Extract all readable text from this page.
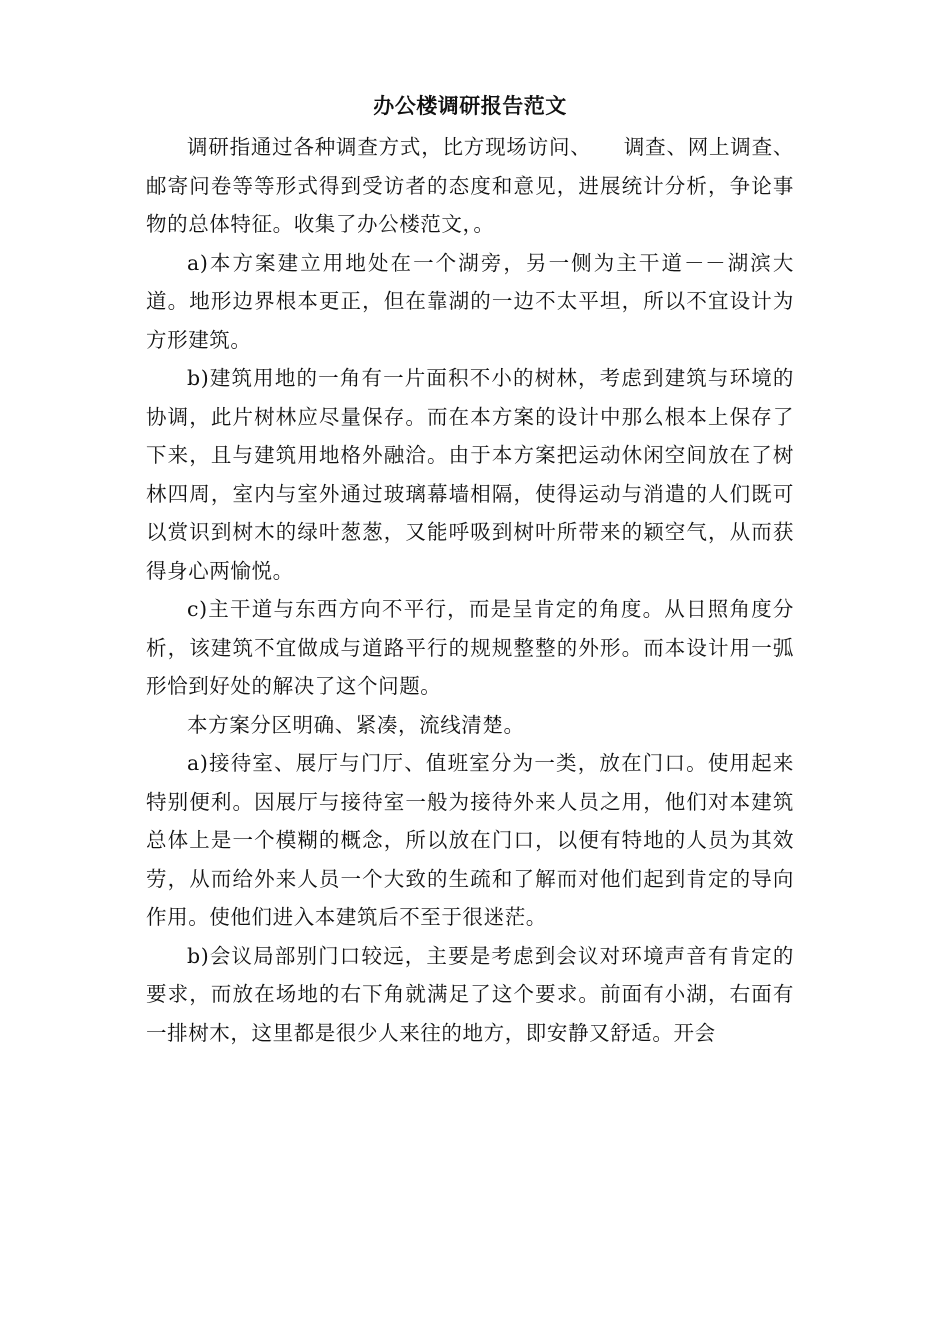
办公楼调研报告范文

调研指通过各种调查方式，比方现场访问、　　调查、网上调查、邮寄问卷等等形式得到受访者的态度和意见，进展统计分析，争论事物的总体特征。收集了办公楼范文，。

a)本方案建立用地处在一个湖旁，另一侧为主干道－－湖滨大道。地形边界根本更正，但在靠湖的一边不太平坦，所以不宜设计为方形建筑。

b)建筑用地的一角有一片面积不小的树林，考虑到建筑与环境的协调，此片树林应尽量保存。而在本方案的设计中那么根本上保存了下来，且与建筑用地格外融洽。由于本方案把运动休闲空间放在了树林四周，室内与室外通过玻璃幕墙相隔，使得运动与消遣的人们既可以赏识到树木的绿叶葱葱，又能呼吸到树叶所带来的颖空气，从而获得身心两愉悦。

c)主干道与东西方向不平行，而是呈肯定的角度。从日照角度分析，该建筑不宜做成与道路平行的规规整整的外形。而本设计用一弧形恰到好处的解决了这个问题。

本方案分区明确、紧凑，流线清楚。

a)接待室、展厅与门厅、值班室分为一类，放在门口。使用起来特别便利。因展厅与接待室一般为接待外来人员之用，他们对本建筑总体上是一个模糊的概念，所以放在门口，以便有特地的人员为其效劳，从而给外来人员一个大致的生疏和了解而对他们起到肯定的导向作用。使他们进入本建筑后不至于很迷茫。

b)会议局部别门口较远，主要是考虑到会议对环境声音有肯定的要求，而放在场地的右下角就满足了这个要求。前面有小湖，右面有一排树木，这里都是很少人来往的地方，即安静又舒适。开会
